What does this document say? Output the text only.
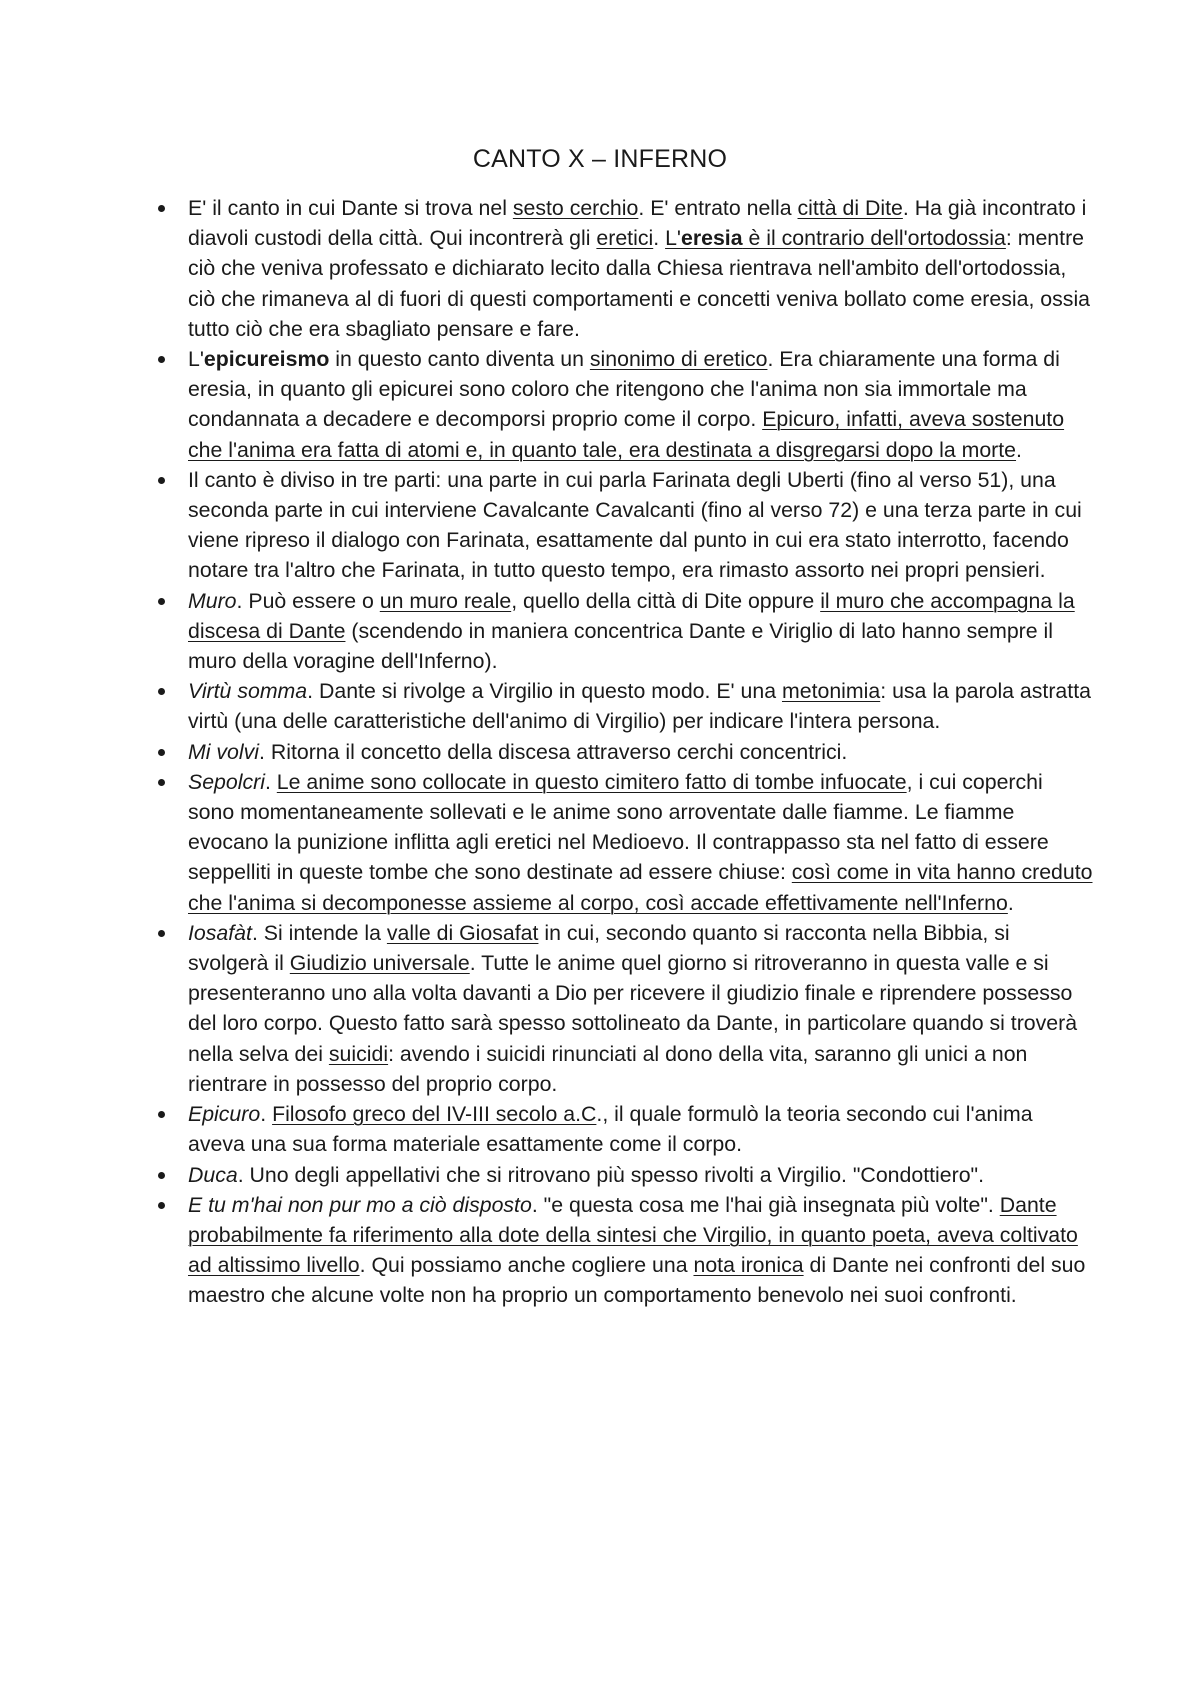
CANTO X – INFERNO
E' il canto in cui Dante si trova nel sesto cerchio. E' entrato nella città di Dite. Ha già incontrato i diavoli custodi della città. Qui incontrerà gli eretici. L'eresia è il contrario dell'ortodossia: mentre ciò che veniva professato e dichiarato lecito dalla Chiesa rientrava nell'ambito dell'ortodossia, ciò che rimaneva al di fuori di questi comportamenti e concetti veniva bollato come eresia, ossia tutto ciò che era sbagliato pensare e fare.
L'epicureismo in questo canto diventa un sinonimo di eretico. Era chiaramente una forma di eresia, in quanto gli epicurei sono coloro che ritengono che l'anima non sia immortale ma condannata a decadere e decomporsi proprio come il corpo. Epicuro, infatti, aveva sostenuto che l'anima era fatta di atomi e, in quanto tale, era destinata a disgregarsi dopo la morte.
Il canto è diviso in tre parti: una parte in cui parla Farinata degli Uberti (fino al verso 51), una seconda parte in cui interviene Cavalcante Cavalcanti (fino al verso 72) e una terza parte in cui viene ripreso il dialogo con Farinata, esattamente dal punto in cui era stato interrotto, facendo notare tra l'altro che Farinata, in tutto questo tempo, era rimasto assorto nei propri pensieri.
Muro. Può essere o un muro reale, quello della città di Dite oppure il muro che accompagna la discesa di Dante (scendendo in maniera concentrica Dante e Viriglio di lato hanno sempre il muro della voragine dell'Inferno).
Virtù somma. Dante si rivolge a Virgilio in questo modo. E' una metonimia: usa la parola astratta virtù (una delle caratteristiche dell'animo di Virgilio) per indicare l'intera persona.
Mi volvi. Ritorna il concetto della discesa attraverso cerchi concentrici.
Sepolcri. Le anime sono collocate in questo cimitero fatto di tombe infuocate, i cui coperchi sono momentaneamente sollevati e le anime sono arroventate dalle fiamme. Le fiamme evocano la punizione inflitta agli eretici nel Medioevo. Il contrappasso sta nel fatto di essere seppelliti in queste tombe che sono destinate ad essere chiuse: così come in vita hanno creduto che l'anima si decomponesse assieme al corpo, così accade effettivamente nell'Inferno.
Iosafàt. Si intende la valle di Giosafat in cui, secondo quanto si racconta nella Bibbia, si svolgerà il Giudizio universale. Tutte le anime quel giorno si ritroveranno in questa valle e si presenteranno uno alla volta davanti a Dio per ricevere il giudizio finale e riprendere possesso del loro corpo. Questo fatto sarà spesso sottolineato da Dante, in particolare quando si troverà nella selva dei suicidi: avendo i suicidi rinunciati al dono della vita, saranno gli unici a non rientrare in possesso del proprio corpo.
Epicuro. Filosofo greco del IV-III secolo a.C., il quale formulò la teoria secondo cui l'anima aveva una sua forma materiale esattamente come il corpo.
Duca. Uno degli appellativi che si ritrovano più spesso rivolti a Virgilio. "Condottiero".
E tu m'hai non pur mo a ciò disposto. "e questa cosa me l'hai già insegnata più volte". Dante probabilmente fa riferimento alla dote della sintesi che Virgilio, in quanto poeta, aveva coltivato ad altissimo livello. Qui possiamo anche cogliere una nota ironica di Dante nei confronti del suo maestro che alcune volte non ha proprio un comportamento benevolo nei suoi confronti.
